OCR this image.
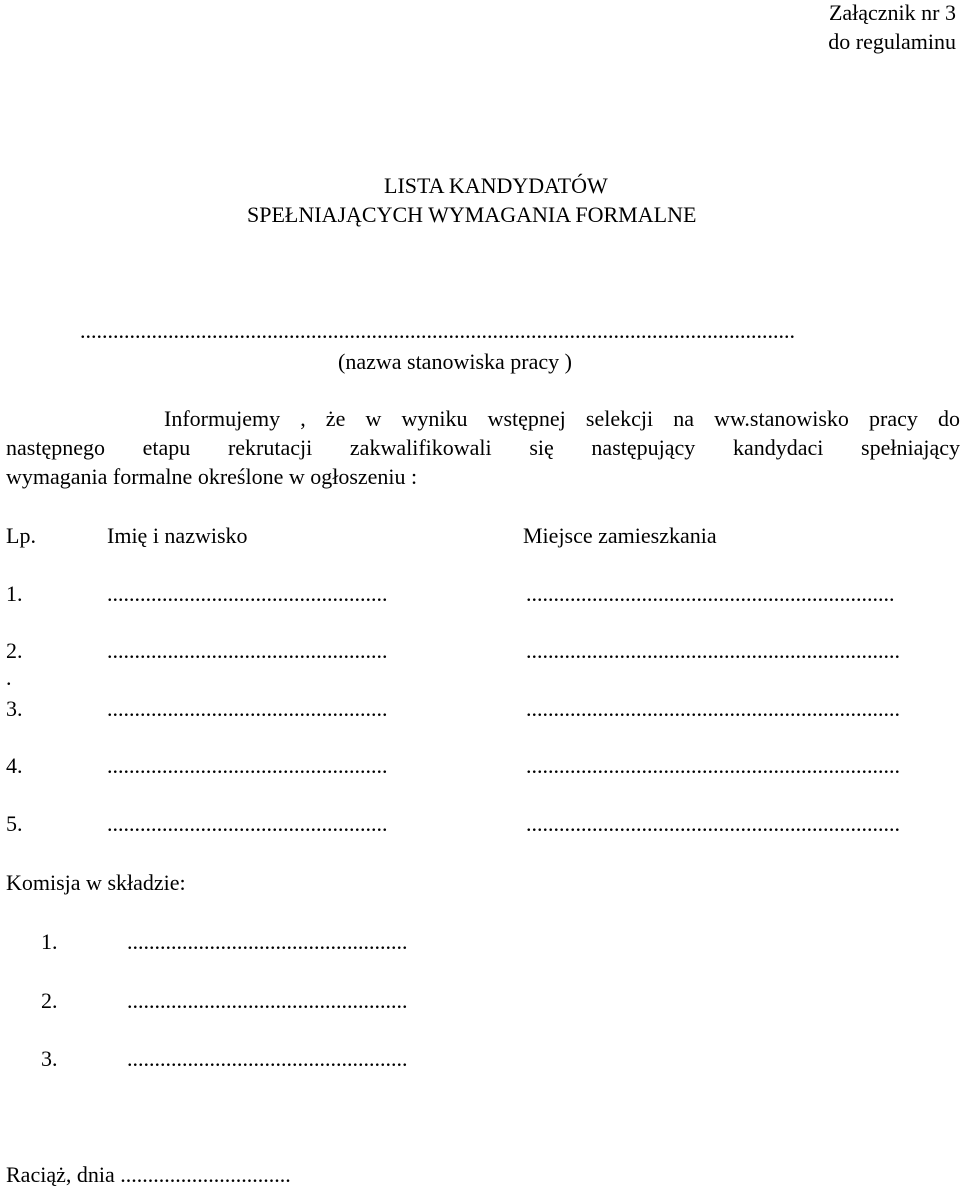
Załącznik nr 3
do regulaminu
LISTA KANDYDATÓW
SPEŁNIAJĄCYCH WYMAGANIA FORMALNE
..................................................................................................................................
(nazwa stanowiska pracy )
Informujemy , że w wyniku wstępnej selekcji na ww.stanowisko pracy do
następnego etapu rekrutacji zakwalifikowali się następujący kandydaci spełniający
wymagania formalne określone w ogłoszeniu :
Lp.	Imię i nazwisko	Miejsce zamieszkania
1.	...................................................	...................................................................
2.	...................................................	....................................................................
.
3.	...................................................	....................................................................
4.	...................................................	....................................................................
5.	...................................................	....................................................................
Komisja w składzie:
1.	...................................................
2.	...................................................
3.	...................................................
Raciąż, dnia ...............................
